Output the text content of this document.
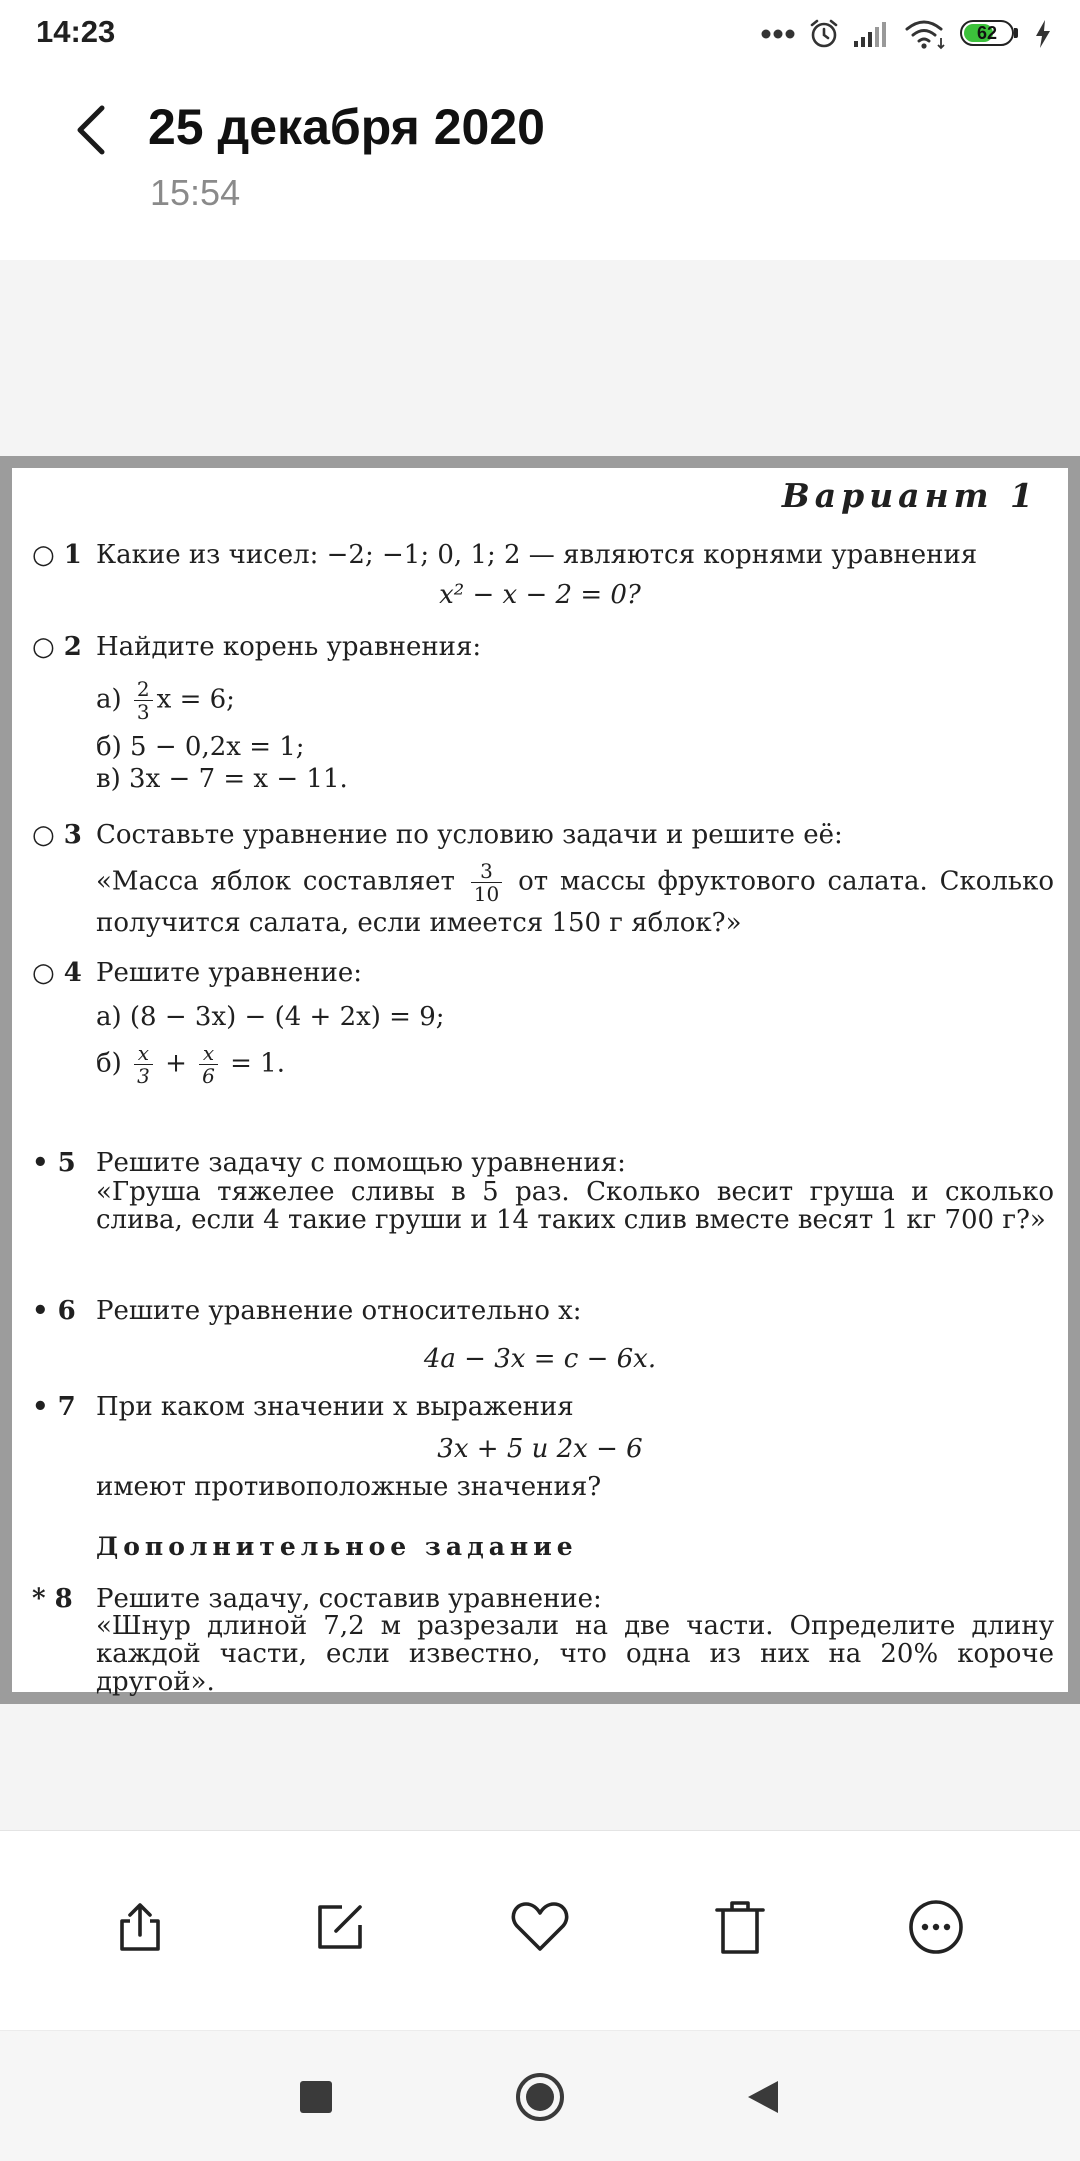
14:23	62
25 декабря 2020
15:54
Вариант 1
○ 1 Какие из чисел: −2; −1; 0, 1; 2 — являются корнями уравнения
x² − x − 2 = 0?
○ 2 Найдите корень уравнения:
$а) \frac{2}{3}$ x = 6;
б) 5 − 0,2x = 1;
в) 3x − 7 = x − 11.
○ 3 Составьте уравнение по условию задачи и решите её:
«Масса яблок составляет $\frac{3}{10}$ от массы фруктового салата. Сколько получится салата, если имеется 150 г яблок?»
○ 4 Решите уравнение:
а) (8 − 3x) − (4 + 2x) = 9;
$б) \frac{x}{3} + \frac{x}{6} = 1$.
• 5 Решите задачу с помощью уравнения:
«Груша тяжелее сливы в 5 раз. Сколько весит груша и сколько слива, если 4 такие груши и 14 таких слив вместе весят 1 кг 700 г?»
• 6 Решите уравнение относительно x:
4a − 3x = c − 6x.
• 7 При каком значении x выражения
3x + 5 и 2x − 6
имеют противоположные значения?
Дополнительное задание
* 8 Решите задачу, составив уравнение:
«Шнур длиной 7,2 м разрезали на две части. Определите длину каждой части, если известно, что одна из них на 20% короче другой».
